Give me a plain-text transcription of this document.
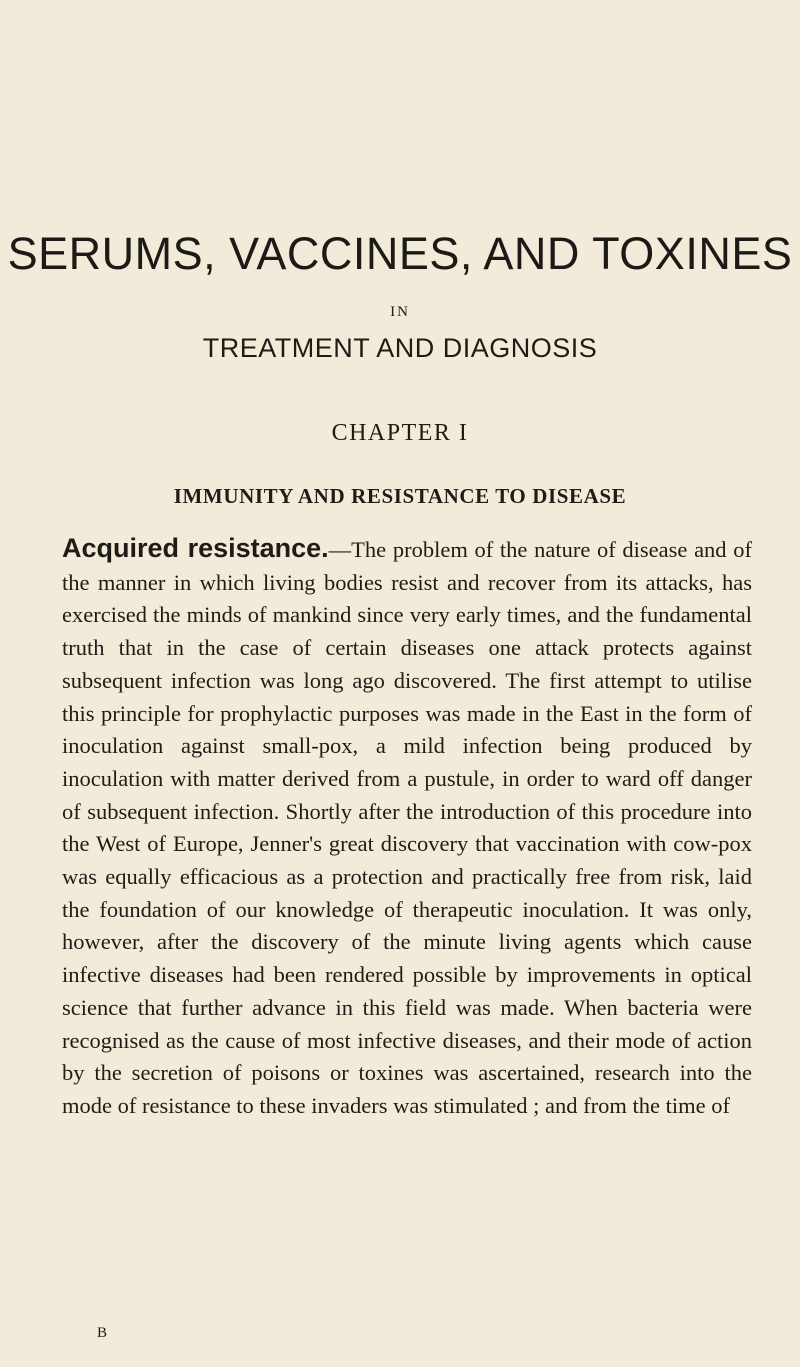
SERUMS, VACCINES, AND TOXINES
IN
TREATMENT AND DIAGNOSIS
CHAPTER I
IMMUNITY AND RESISTANCE TO DISEASE

Acquired resistance.—The problem of the nature of disease and of the manner in which living bodies resist and recover from its attacks, has exercised the minds of mankind since very early times, and the fundamental truth that in the case of certain diseases one attack protects against subsequent infection was long ago discovered. The first attempt to utilise this principle for prophylactic purposes was made in the East in the form of inoculation against small-pox, a mild infection being produced by inoculation with matter derived from a pustule, in order to ward off danger of subsequent infection. Shortly after the introduction of this procedure into the West of Europe, Jenner's great discovery that vaccination with cow-pox was equally efficacious as a protection and practically free from risk, laid the foundation of our knowledge of therapeutic inoculation. It was only, however, after the discovery of the minute living agents which cause infective diseases had been rendered possible by improvements in optical science that further advance in this field was made. When bacteria were recognised as the cause of most infective diseases, and their mode of action by the secretion of poisons or toxines was ascertained, research into the mode of resistance to these invaders was stimulated ; and from the time of

B
